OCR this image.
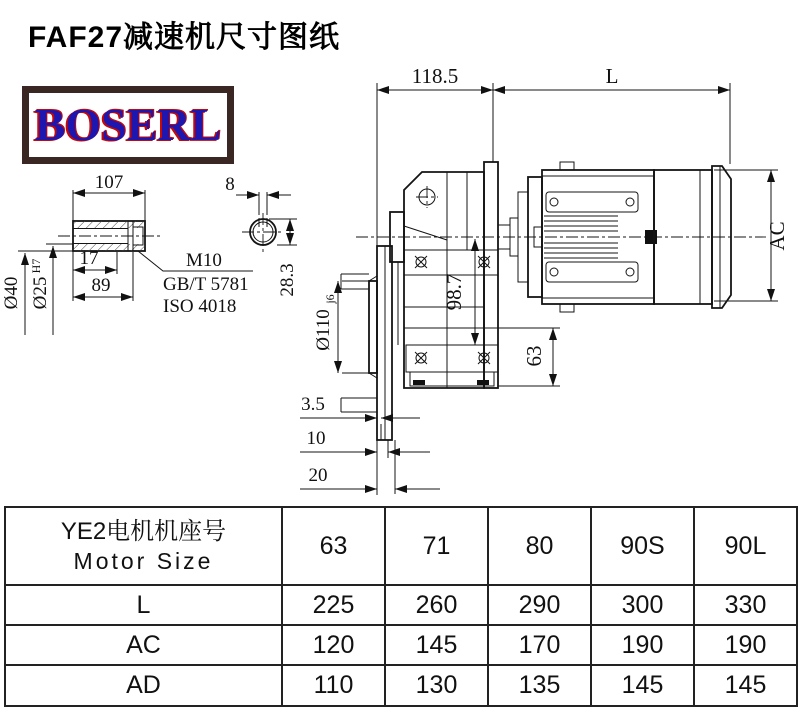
FAF27减速机尺寸图纸
BOSERL
107
17
89
Ø40 Ø25
H7	M10
GB/T 5781
ISO 4018
8
28.3
118.5	L
AC
98.7
63
Ø110
j6
3.5
10
20
YE2电机机座号
Motor Size	63	71	80	90S	90L
L	225	260	290	300	330
AC	120	145	170	190	190
AD	110	130	135	145	145
